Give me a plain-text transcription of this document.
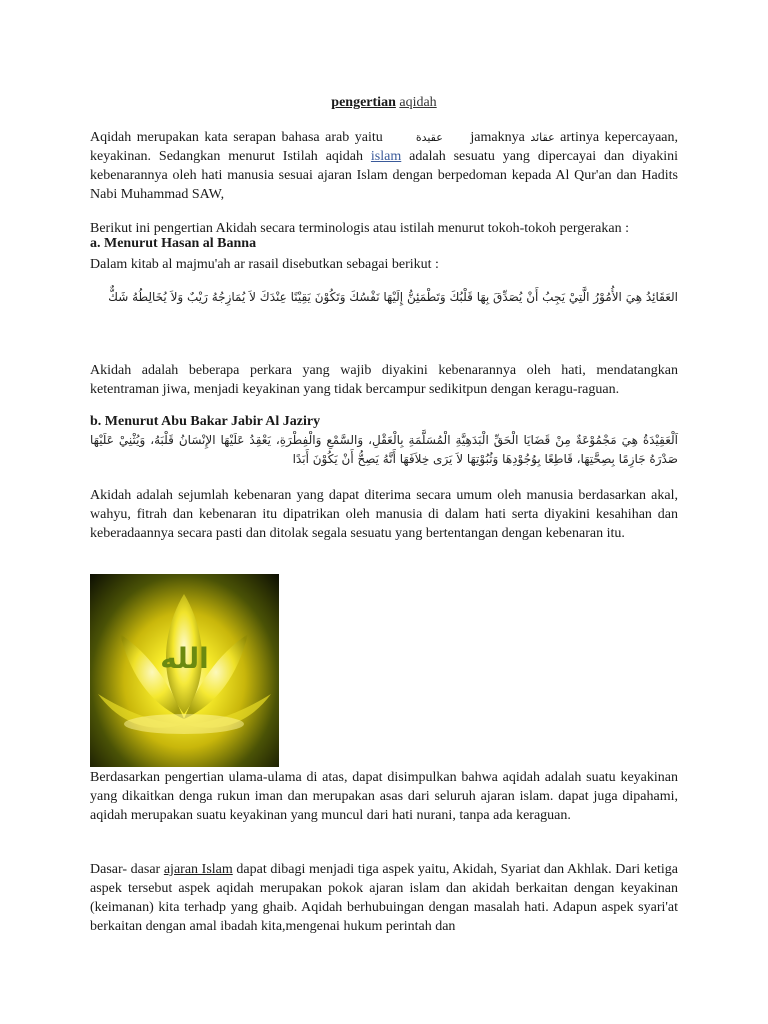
pengertian aqidah
Aqidah merupakan kata serapan bahasa arab yaitu	عقيدة jamaknya عقائد artinya kepercayaan, keyakinan. Sedangkan menurut Istilah aqidah islam adalah sesuatu yang dipercayai dan diyakini kebenarannya oleh hati manusia sesuai ajaran Islam dengan berpedoman kepada Al Qur'an dan Hadits Nabi Muhammad SAW,
Berikut ini pengertian Akidah secara terminologis atau istilah menurut tokoh-tokoh pergerakan :
a. Menurut Hasan al Banna
Dalam kitab al majmu'ah ar rasail disebutkan sebagai berikut :
العَقَائِدُ هِيَ الأُمُوْرُ الَّتِيْ يَجِبُ أَنْ يُصَدِّقَ بِهَا قَلْبُكَ وَتَطْمَئِنُّ إِلَيْهَا نَفْسُكَ وَتَكُوْنَ يَقِيْنًا عِنْدَكَ لاَ يُمَازِجُهُ رَيْبٌ وَلاَ يُخَالِطُهُ شَكٌّ
Akidah adalah beberapa perkara yang wajib diyakini kebenarannya oleh hati, mendatangkan ketentraman jiwa, menjadi keyakinan yang tidak bercampur sedikitpun dengan keragu-raguan.
b. Menurut Abu Bakar Jabir Al Jaziry
اَلْعَقِيْدَةُ هِيَ مَجْمُوْعَةٌ مِنْ قَضَايَا الْحَقِّ الْبَدَهِيَّةِ الْمُسَلَّمَةِ بِالْعَقْلِ، وَالسَّمْعِ وَالْفِطْرَةِ، يَعْقِدُ عَلَيْهَا الإِنْسَانُ قَلْبَهُ، وَيُثْنِيْ عَلَيْهَا صَدْرَهُ جَازِمًا بِصِحَّتِهَا، قَاطِعًا بِوُجُوْدِهَا وَثُبُوْتِهَا لاَ يَرَى خِلاَفَهَا أَنَّهُ يَصِحُّ أَنْ يَكُوْنَ أَبَدًا
Akidah adalah sejumlah kebenaran yang dapat diterima secara umum oleh manusia berdasarkan akal, wahyu, fitrah dan kebenaran itu dipatrikan oleh manusia di dalam hati serta diyakini kesahihan dan keberadaannya secara pasti dan ditolak segala sesuatu yang bertentangan dengan kebenaran itu.
الله
Berdasarkan pengertian ulama-ulama di atas, dapat disimpulkan bahwa aqidah adalah suatu keyakinan yang dikaitkan denga rukun iman dan merupakan asas dari seluruh ajaran islam. dapat juga dipahami, aqidah merupakan suatu keyakinan yang muncul dari hati nurani, tanpa ada keraguan.
Dasar- dasar ajaran Islam dapat dibagi menjadi tiga aspek yaitu, Akidah, Syariat dan Akhlak. Dari ketiga aspek tersebut aspek aqidah merupakan pokok ajaran islam dan akidah berkaitan dengan keyakinan (keimanan) kita terhadp yang ghaib. Aqidah berhubuingan dengan masalah hati. Adapun aspek syari'at berkaitan dengan amal ibadah kita,mengenai hukum perintah dan
